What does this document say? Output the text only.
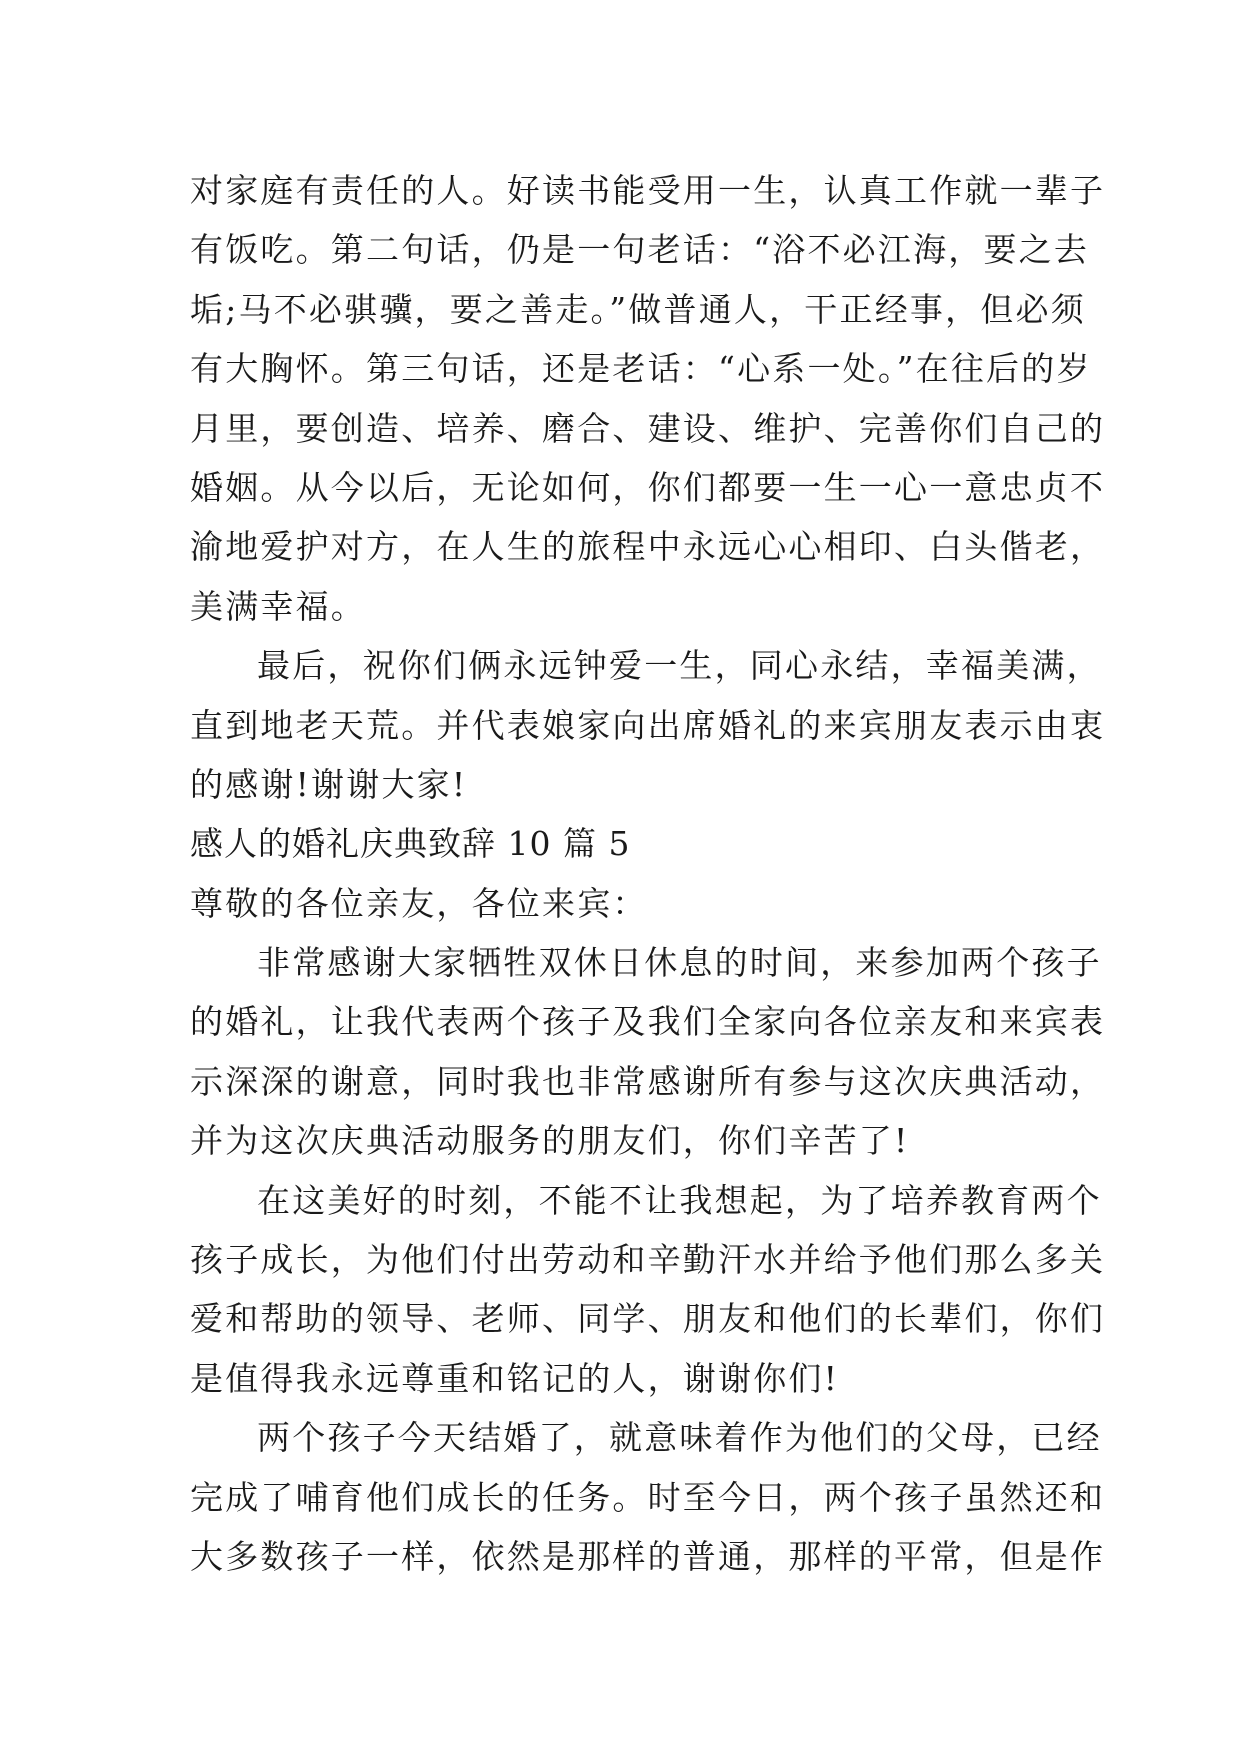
对家庭有责任的人。好读书能受用一生，认真工作就一辈子
有饭吃。第二句话，仍是一句老话：“浴不必江海，要之去
垢;马不必骐骥，要之善走。”做普通人，干正经事，但必须
有大胸怀。第三句话，还是老话：“心系一处。”在往后的岁
月里，要创造、培养、磨合、建设、维护、完善你们自己的
婚姻。从今以后，无论如何，你们都要一生一心一意忠贞不
渝地爱护对方，在人生的旅程中永远心心相印、白头偕老，
美满幸福。
最后，祝你们俩永远钟爱一生，同心永结，幸福美满，
直到地老天荒。并代表娘家向出席婚礼的来宾朋友表示由衷
的感谢!谢谢大家!
感人的婚礼庆典致辞 10 篇 5
尊敬的各位亲友，各位来宾：
非常感谢大家牺牲双休日休息的时间，来参加两个孩子
的婚礼，让我代表两个孩子及我们全家向各位亲友和来宾表
示深深的谢意，同时我也非常感谢所有参与这次庆典活动，
并为这次庆典活动服务的朋友们，你们辛苦了!
在这美好的时刻，不能不让我想起，为了培养教育两个
孩子成长，为他们付出劳动和辛勤汗水并给予他们那么多关
爱和帮助的领导、老师、同学、朋友和他们的长辈们，你们
是值得我永远尊重和铭记的人，谢谢你们!
两个孩子今天结婚了，就意味着作为他们的父母，已经
完成了哺育他们成长的任务。时至今日，两个孩子虽然还和
大多数孩子一样，依然是那样的普通，那样的平常，但是作
